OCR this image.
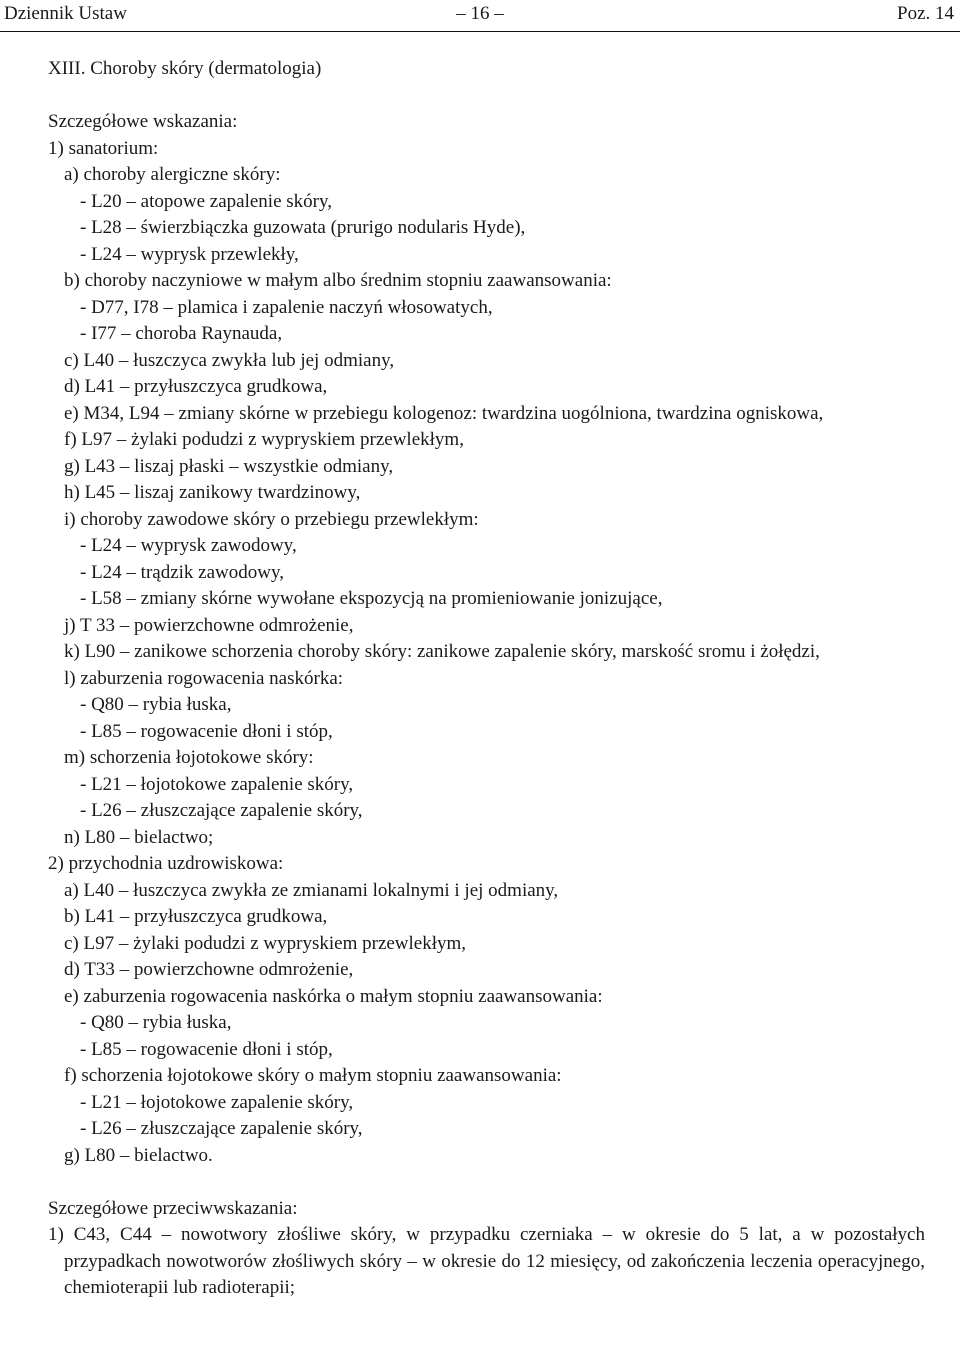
Dziennik Ustaw	– 16 –	Poz. 14
XIII. Choroby skóry (dermatologia)
Szczegółowe wskazania:
1) sanatorium:
a) choroby alergiczne skóry:
- L20 – atopowe zapalenie skóry,
- L28 – świerzbiączka guzowata (prurigo nodularis Hyde),
- L24 – wyprysk przewlekły,
b) choroby naczyniowe w małym albo średnim stopniu zaawansowania:
- D77, I78 – plamica i zapalenie naczyń włosowatych,
- I77 – choroba Raynauda,
c) L40 – łuszczyca zwykła lub jej odmiany,
d) L41 – przyłuszczyca grudkowa,
e) M34, L94 – zmiany skórne w przebiegu kologenoz: twardzina uogólniona, twardzina ogniskowa,
f) L97 – żylaki podudzi z wypryskiem przewlekłym,
g) L43 – liszaj płaski – wszystkie odmiany,
h) L45 – liszaj zanikowy twardzinowy,
i) choroby zawodowe skóry o przebiegu przewlekłym:
- L24 – wyprysk zawodowy,
- L24 – trądzik zawodowy,
- L58 – zmiany skórne wywołane ekspozycją na promieniowanie jonizujące,
j) T 33 – powierzchowne odmrożenie,
k) L90 – zanikowe schorzenia choroby skóry: zanikowe zapalenie skóry, marskość sromu i żołędzi,
l) zaburzenia rogowacenia naskórka:
- Q80 – rybia łuska,
- L85 – rogowacenie dłoni i stóp,
m) schorzenia łojotokowe skóry:
- L21 – łojotokowe zapalenie skóry,
- L26 – złuszczające zapalenie skóry,
n) L80 – bielactwo;
2) przychodnia uzdrowiskowa:
a) L40 – łuszczyca zwykła ze zmianami lokalnymi i jej odmiany,
b) L41 – przyłuszczyca grudkowa,
c) L97 – żylaki podudzi z wypryskiem przewlekłym,
d) T33 – powierzchowne odmrożenie,
e) zaburzenia rogowacenia naskórka o małym stopniu zaawansowania:
- Q80 – rybia łuska,
- L85 – rogowacenie dłoni i stóp,
f) schorzenia łojotokowe skóry o małym stopniu zaawansowania:
- L21 – łojotokowe zapalenie skóry,
- L26 – złuszczające zapalenie skóry,
g) L80 – bielactwo.
Szczegółowe przeciwwskazania:
1) C43, C44 – nowotwory złośliwe skóry, w przypadku czerniaka – w okresie do 5 lat, a w pozostałych przypadkach nowotworów złośliwych skóry – w okresie do 12 miesięcy, od zakończenia leczenia operacyjnego, chemioterapii lub radioterapii;
